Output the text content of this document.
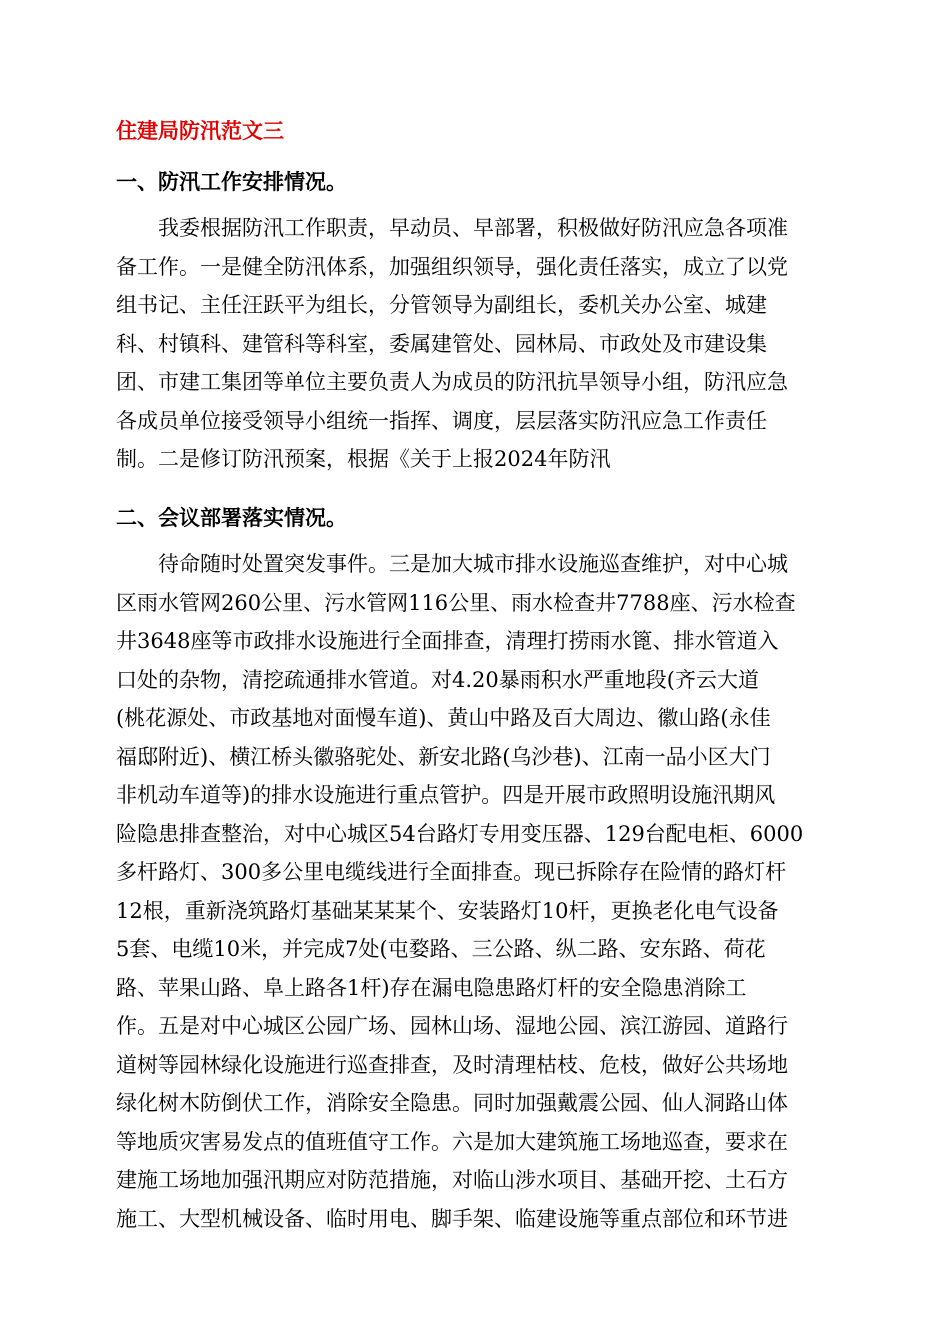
住建局防汛范文三
一、防汛工作安排情况。
我委根据防汛工作职责，早动员、早部署，积极做好防汛应急各项准
备工作。一是健全防汛体系，加强组织领导，强化责任落实，成立了以党
组书记、主任汪跃平为组长，分管领导为副组长，委机关办公室、城建
科、村镇科、建管科等科室，委属建管处、园林局、市政处及市建设集
团、市建工集团等单位主要负责人为成员的防汛抗旱领导小组，防汛应急
各成员单位接受领导小组统一指挥、调度，层层落实防汛应急工作责任
制。二是修订防汛预案，根据《关于上报2024年防汛
二、会议部署落实情况。
待命随时处置突发事件。三是加大城市排水设施巡查维护，对中心城
区雨水管网260公里、污水管网116公里、雨水检查井7788座、污水检查
井3648座等市政排水设施进行全面排查，清理打捞雨水篦、排水管道入
口处的杂物，清挖疏通排水管道。对4.20暴雨积水严重地段(齐云大道
(桃花源处、市政基地对面慢车道)、黄山中路及百大周边、徽山路(永佳
福邸附近)、横江桥头徽骆驼处、新安北路(乌沙巷)、江南一品小区大门
非机动车道等)的排水设施进行重点管护。四是开展市政照明设施汛期风
险隐患排查整治，对中心城区54台路灯专用变压器、129台配电柜、6000
多杆路灯、300多公里电缆线进行全面排查。现已拆除存在险情的路灯杆
12根，重新浇筑路灯基础某某某个、安装路灯10杆，更换老化电气设备
5套、电缆10米，并完成7处(屯婺路、三公路、纵二路、安东路、荷花
路、苹果山路、阜上路各1杆)存在漏电隐患路灯杆的安全隐患消除工
作。五是对中心城区公园广场、园林山场、湿地公园、滨江游园、道路行
道树等园林绿化设施进行巡查排查，及时清理枯枝、危枝，做好公共场地
绿化树木防倒伏工作，消除安全隐患。同时加强戴震公园、仙人洞路山体
等地质灾害易发点的值班值守工作。六是加大建筑施工场地巡查，要求在
建施工场地加强汛期应对防范措施，对临山涉水项目、基础开挖、土石方
施工、大型机械设备、临时用电、脚手架、临建设施等重点部位和环节进
